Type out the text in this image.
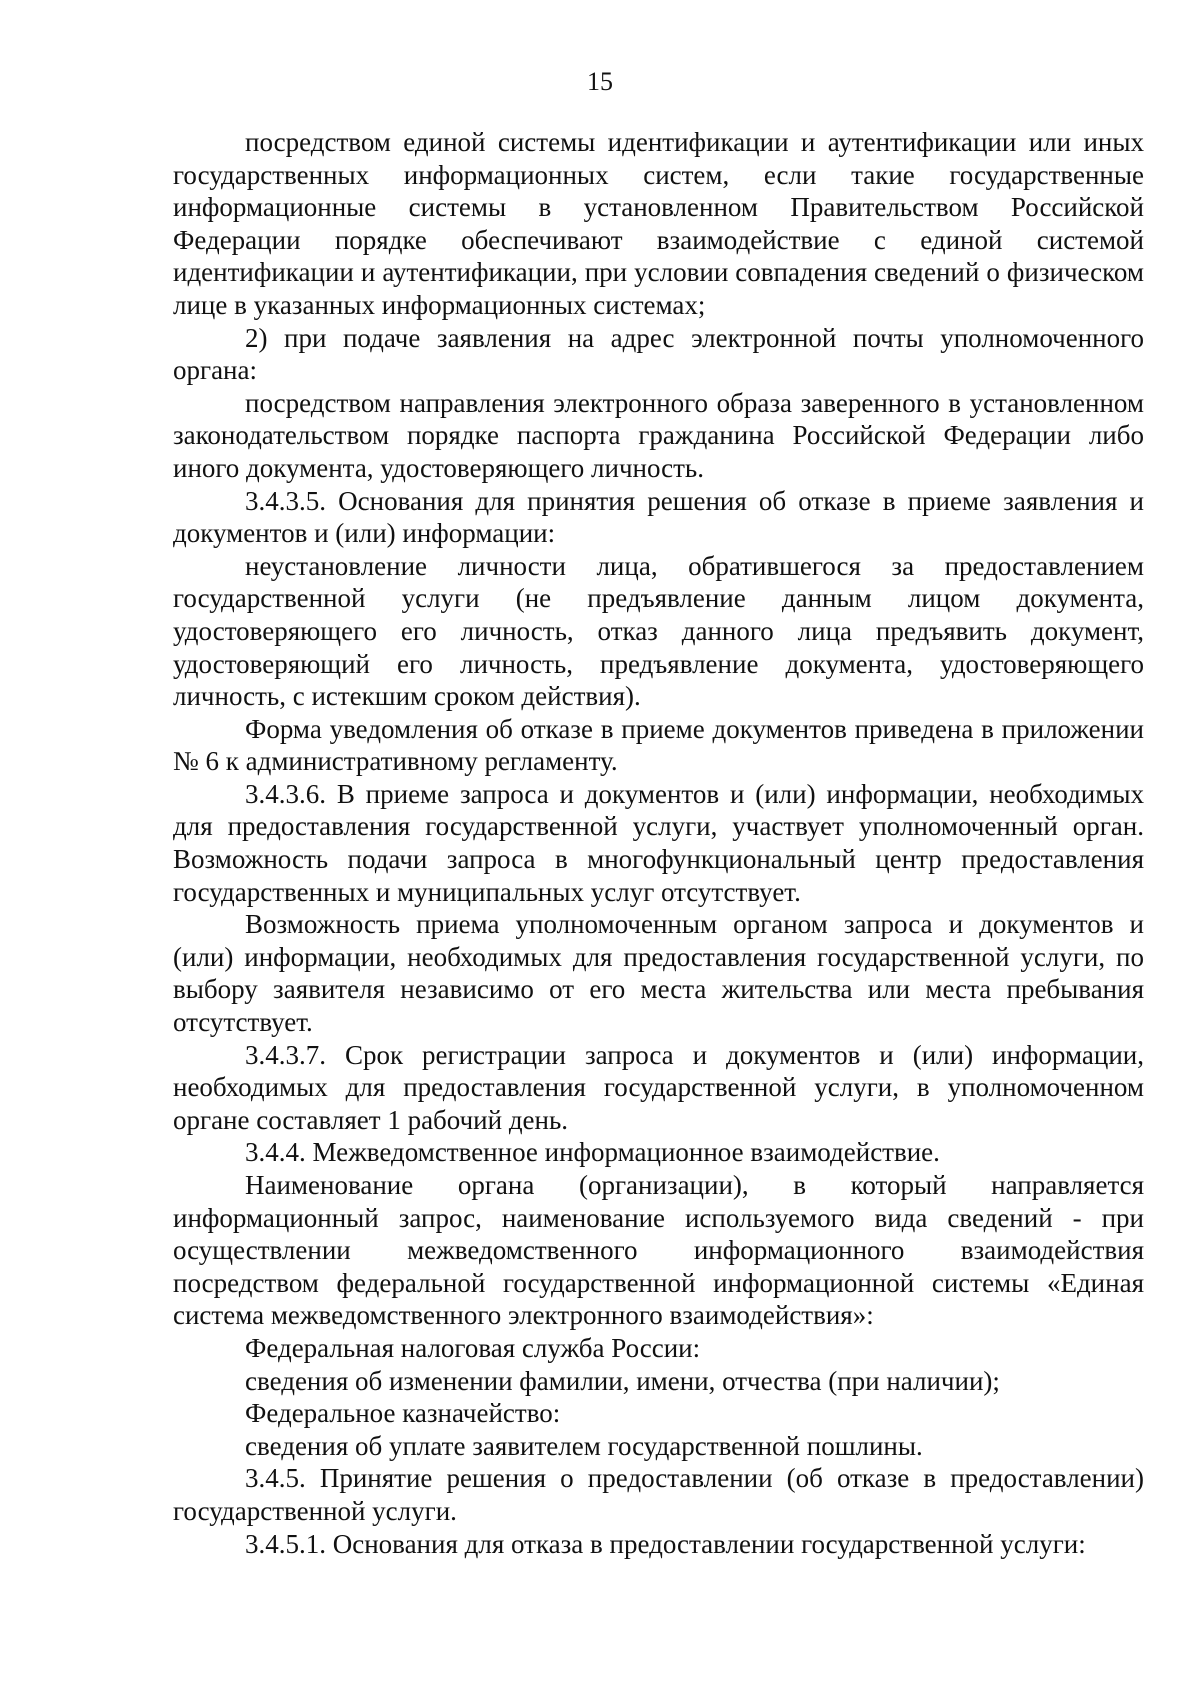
15

посредством единой системы идентификации и аутентификации или иных государственных информационных систем, если такие государственные информационные системы в установленном Правительством Российской Федерации порядке обеспечивают взаимодействие с единой системой идентификации и аутентификации, при условии совпадения сведений о физическом лице в указанных информационных системах;

2) при подаче заявления на адрес электронной почты уполномоченного органа:

посредством направления электронного образа заверенного в установленном законодательством порядке паспорта гражданина Российской Федерации либо иного документа, удостоверяющего личность.

3.4.3.5. Основания для принятия решения об отказе в приеме заявления и документов и (или) информации:

неустановление личности лица, обратившегося за предоставлением государственной услуги (не предъявление данным лицом документа, удостоверяющего его личность, отказ данного лица предъявить документ, удостоверяющий его личность, предъявление документа, удостоверяющего личность, с истекшим сроком действия).

Форма уведомления об отказе в приеме документов приведена в приложении № 6 к административному регламенту.

3.4.3.6. В приеме запроса и документов и (или) информации, необходимых для предоставления государственной услуги, участвует уполномоченный орган. Возможность подачи запроса в многофункциональный центр предоставления государственных и муниципальных услуг отсутствует.

Возможность приема уполномоченным органом запроса и документов и (или) информации, необходимых для предоставления государственной услуги, по выбору заявителя независимо от его места жительства или места пребывания отсутствует.

3.4.3.7. Срок регистрации запроса и документов и (или) информации, необходимых для предоставления государственной услуги, в уполномоченном органе составляет 1 рабочий день.

3.4.4. Межведомственное информационное взаимодействие.

Наименование органа (организации), в который направляется информационный запрос, наименование используемого вида сведений - при осуществлении межведомственного информационного взаимодействия посредством федеральной государственной информационной системы «Единая система межведомственного электронного взаимодействия»:

Федеральная налоговая служба России:

сведения об изменении фамилии, имени, отчества (при наличии);

Федеральное казначейство:

сведения об уплате заявителем государственной пошлины.

3.4.5. Принятие решения о предоставлении (об отказе в предоставлении) государственной услуги.

3.4.5.1. Основания для отказа в предоставлении государственной услуги:
